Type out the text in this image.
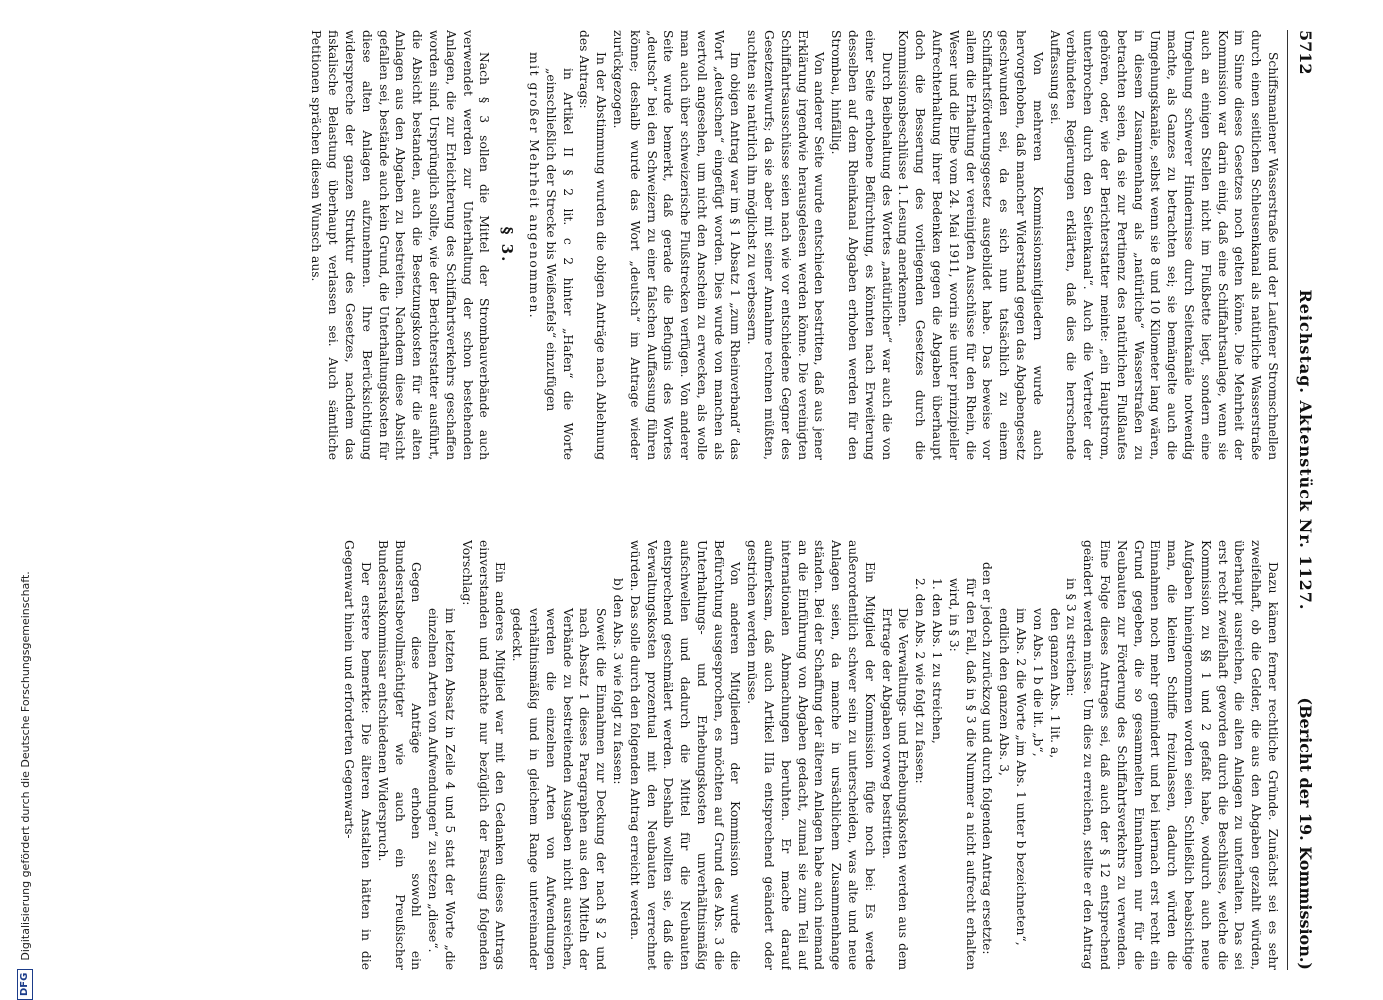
DFG
Digitalisierung gefördert durch die Deutsche Forschungsgemeinschaft.
5712
Reichstag. Aktenstück Nr. 1127.
(Bericht der 19. Kommission.)

Schiffsmanlener Wasserstraße und der Laufener Stromschnellen durch einen seitlichen Schleusenkanal als natürliche Wasserstraße im Sinne dieses Gesetzes noch gelten könne. Die Mehrheit der Kommission war darin einig, daß eine Schiffahrtsanlage, wenn sie auch an einigen Stellen nicht im Flußbette liegt, sondern eine Umgehung schwerer Hindernisse durch Seitenkanäle notwendig machte, als Ganzes zu betrachten sei; sie bemängelte auch die Umgehungskanäle, selbst wenn sie 8 und 10 Kilometer lang wären, in diesem Zusammenhang als „natürliche“ Wasserstraßen zu betrachten seien, da sie zur Pertinenz des natürlichen Flußlaufes gehören, oder, wie der Berichterstatter meinte: „ein Hauptstrom, unterbrochen durch den Seitenkanal“. Auch die Vertreter der verbündeten Regierungen erklärten, daß dies die herrschende Auffassung sei.

Von mehreren Kommissionsmitgliedern wurde auch hervorgehoben, daß mancher Widerstand gegen das Abgabengesetz geschwunden sei, da es sich nun tatsächlich zu einem Schiffahrtsförderungsgesetz ausgebildet habe. Das beweise vor allem die Erhaltung der vereinigten Ausschüsse für den Rhein, die Weser und die Elbe vom 24. Mai 1911, worin sie unter prinzipieller Aufrechterhaltung ihrer Bedenken gegen die Abgaben überhaupt doch die Besserung des vorliegenden Gesetzes durch die Kommissionsbeschlüsse 1. Lesung anerkennen.

Durch Beibehaltung des Wortes „natürlicher“ war auch die von einer Seite erhobene Befürchtung, es könnten nach Erweiterung desselben auf dem Rheinkanal Abgaben erhoben werden für den Strombau, hinfällig.

Von anderer Seite wurde entschieden bestritten, daß aus jener Erklärung irgendwie herausgelesen werden könne. Die vereinigten Schiffahrtsausschüsse seien nach wie vor entschiedene Gegner des Gesetzentwurfs; da sie aber mit seiner Annahme rechnen müßten, suchten sie natürlich ihn möglichst zu verbessern.

Im obigen Antrag war im § 1 Absatz 1 „zum Rheinverband“ das Wort „deutschen“ eingefügt worden. Dies wurde von manchen als wertvoll angesehen, um nicht den Anschein zu erwecken, als wolle man auch über schweizerische Flußstrecken verfügen. Von anderer Seite wurde bemerkt, daß gerade die Befugnis des Wortes „deutsch“ bei den Schweizern zu einer falschen Auffassung führen könne; deshalb wurde das Wort „deutsch“ im Antrage wieder zurückgezogen.

In der Abstimmung wurden die obigen Anträge nach Ablehnung des Antrags:

in Artikel II § 2 lit. c 2 hinter „Hafen“ die Worte „einschließlich der Strecke bis Weißenfels“ einzufügen

mit großer Mehrheit angenommen.

§ 3.

Nach § 3 sollen die Mittel der Strombauverbände auch verwendet werden zur Unterhaltung der schon bestehenden Anlagen, die zur Erleichterung des Schiffahrtsverkehrs geschaffen worden sind. Ursprünglich sollte, wie der Berichterstatter ausführt, die Absicht bestanden, auch die Besetzungskosten für die alten Anlagen aus den Abgaben zu bestreiten. Nachdem diese Absicht gefallen sei, bestände auch kein Grund, die Unterhaltungskosten für diese alten Anlagen aufzunehmen. Ihre Berücksichtigung widerspreche der ganzen Struktur des Gesetzes, nachdem das fiskalische Belastung überhaupt verlassen sei. Auch sämtliche Petitionen sprächen diesen Wunsch aus.

Dazu kämen ferner rechtliche Gründe. Zunächst sei es sehr zweifelhaft, ob die Gelder, die aus den Abgaben gezahlt würden, überhaupt ausreichen, die alten Anlagen zu unterhalten. Das sei erst recht zweifelhaft geworden durch die Beschlüsse, welche die Kommission zu §§ 1 und 2 gefaßt habe, wodurch auch neue Aufgaben hineingenommen worden seien. Schließlich beabsichtige man, die kleinen Schiffe freizulassen, dadurch würden die Einnahmen noch mehr gemindert und bei hiernach erst recht ein Grund gegeben, die so gesammelten Einnahmen nur für die Neubauten zur Förderung des Schiffahrtsverkehrs zu verwenden. Eine Folge dieses Antrages sei, daß auch der § 12 entsprechend geändert werden müsse. Um dies zu erreichen, stellte er den Antrag

in § 3 zu streichen:

den ganzen Abs. 1 lit. a,

von Abs. 1 b die lit. „b“,

im Abs. 2 die Worte „im Abs. 1 unter b bezeichneten“,

endlich den ganzen Abs. 3,

den er jedoch zurückzog und durch folgenden Antrag ersetzte:

für den Fall, daß in § 3 die Nummer a nicht aufrecht erhalten wird, in § 3:

1. den Abs. 1 zu streichen,

2. den Abs. 2 wie folgt zu fassen:

Die Verwaltungs- und Erhebungskosten werden aus dem Ertrage der Abgaben vorweg bestritten.

Ein Mitglied der Kommission fügte noch bei: Es werde außerordentlich schwer sein zu unterscheiden, was alte und neue Anlagen seien, da manche in ursächlichem Zusammenhange ständen. Bei der Schaffung der älteren Anlagen habe auch niemand an die Einführung von Abgaben gedacht, zumal sie zum Teil auf internationalen Abmachungen beruhten. Er mache darauf aufmerksam, daß auch Artikel IIIa entsprechend geändert oder gestrichen werden müsse.

Von anderen Mitgliedern der Kommission wurde die Befürchtung ausgesprochen, es möchten auf Grund des Abs. 3 die Unterhaltungs- und Erhebungskosten unverhältnismäßig aufschwellen und dadurch die Mittel für die Neubauten entsprechend geschmälert werden. Deshalb wollten sie, daß die Verwaltungskosten prozentual mit den Neubauten verrechnet würden. Das solle durch den folgenden Antrag erreicht werden.

b) den Abs. 3 wie folgt zu fassen:

Soweit die Einnahmen zur Deckung der nach § 2 und nach Absatz 1 dieses Paragraphen aus den Mitteln der Verbände zu bestreitenden Ausgaben nicht ausreichen, werden die einzelnen Arten von Aufwendungen verhältnismäßig und in gleichem Range untereinander gedeckt.

Ein anderes Mitglied war mit den Gedanken dieses Antrags einverstanden und machte nur bezüglich der Fassung folgenden Vorschlag:

im letzten Absatz in Zeile 4 und 5 statt der Worte „die einzelnen Arten von Aufwendungen“ zu setzen „diese“.

Gegen diese Anträge erhoben sowohl ein Bundesratsbevollmächtigter wie auch ein Preußischer Bundesratskommissar entschiedenen Widerspruch.

Der erstere bemerkte: Die älteren Anstalten hätten in die Gegenwart hinein und erforderten Gegenwarts-
